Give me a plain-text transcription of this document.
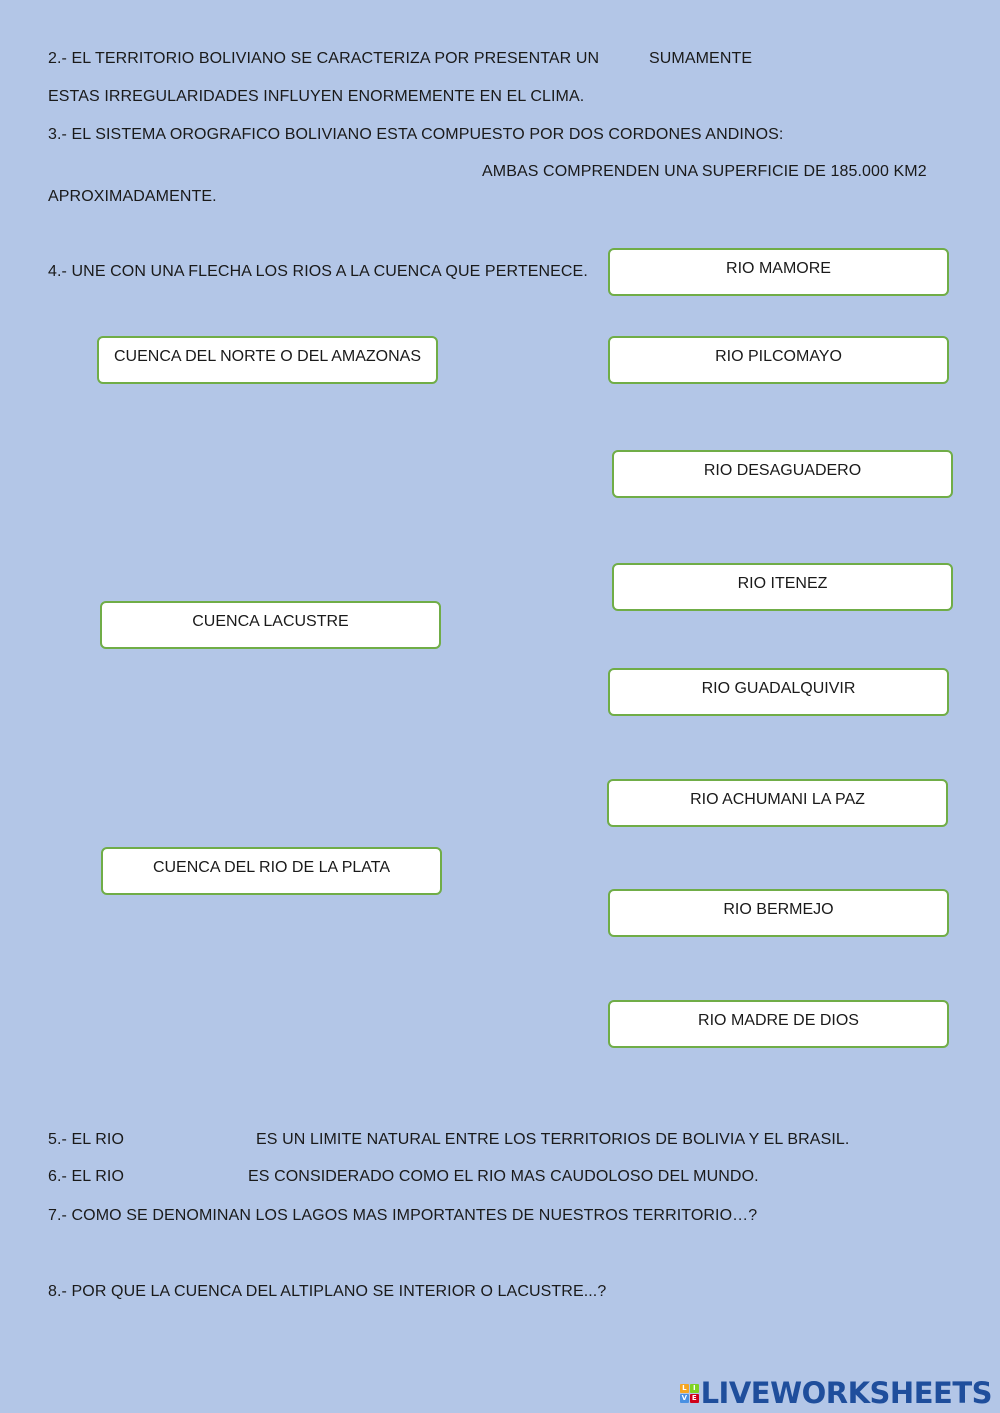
2.- EL TERRITORIO BOLIVIANO SE CARACTERIZA POR PRESENTAR UN	SUMAMENTE
ESTAS IRREGULARIDADES INFLUYEN ENORMEMENTE EN EL CLIMA.
3.- EL SISTEMA OROGRAFICO BOLIVIANO ESTA COMPUESTO POR DOS CORDONES ANDINOS:
AMBAS COMPRENDEN UNA SUPERFICIE DE 185.000 KM2
APROXIMADAMENTE.
4.- UNE CON UNA FLECHA LOS RIOS A LA CUENCA QUE PERTENECE.
CUENCA DEL NORTE O DEL AMAZONAS
CUENCA LACUSTRE
CUENCA DEL RIO DE LA PLATA
RIO MAMORE
RIO PILCOMAYO
RIO DESAGUADERO
RIO ITENEZ
RIO GUADALQUIVIR
RIO ACHUMANI LA PAZ
RIO BERMEJO
RIO MADRE DE DIOS
5.- EL RIO	ES UN LIMITE NATURAL ENTRE LOS TERRITORIOS DE BOLIVIA Y EL BRASIL.
6.- EL RIO	ES CONSIDERADO COMO EL RIO MAS CAUDOLOSO DEL MUNDO.
7.- COMO SE DENOMINAN LOS LAGOS MAS IMPORTANTES DE NUESTROS TERRITORIO…?
8.- POR QUE LA CUENCA DEL ALTIPLANO SE INTERIOR O LACUSTRE...?
L I
V E LIVEWORKSHEETS
